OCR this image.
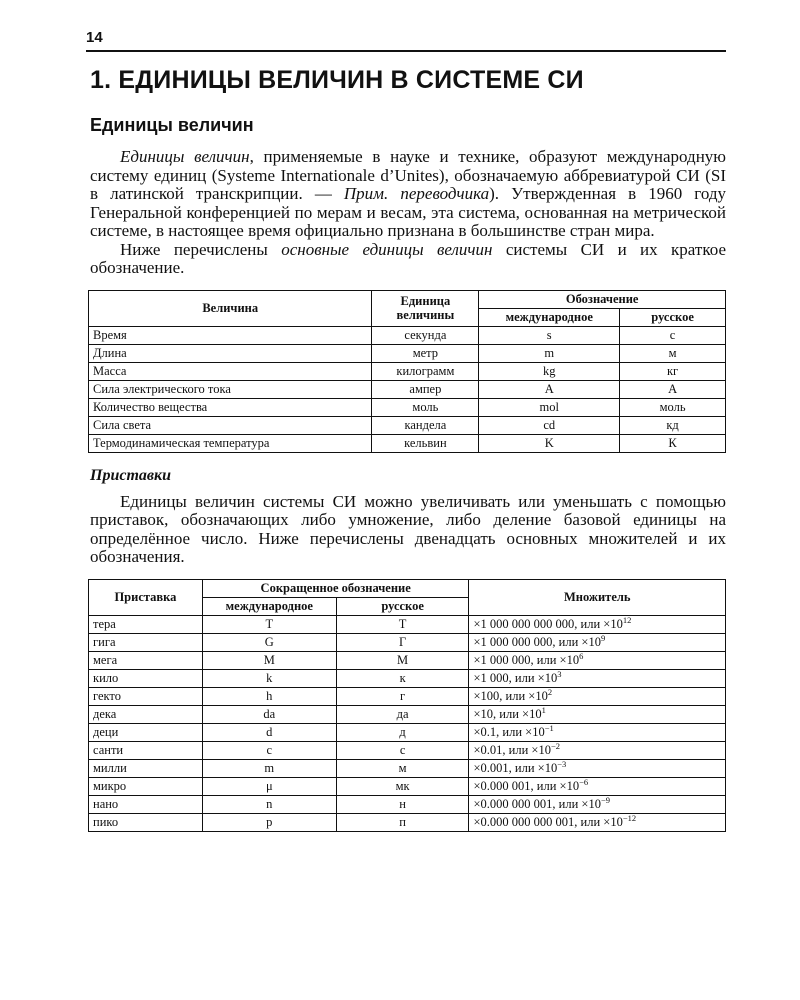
14
1. ЕДИНИЦЫ ВЕЛИЧИН В СИСТЕМЕ СИ
Единицы величин

Единицы величин, применяемые в науке и технике, образуют международную систему единиц (Systeme Internationale d’Unites), обозначаемую аббревиатурой СИ (SI в латинской транскрипции. — Прим. переводчика). Утвержденная в 1960 году Генеральной конференцией по мерам и весам, эта система, основанная на метрической системе, в настоящее время официально признана в большинстве стран мира.

Ниже перечислены основные единицы величин системы СИ и их краткое обозначение.

Величина	Единица величины	Обозначение	
		международное	русское
Время	секунда	s	с
Длина	метр	m	м
Масса	килограмм	kg	кг
Сила электрического тока	ампер	A	А
Количество вещества	моль	mol	моль
Сила света	кандела	cd	кд
Термодинамическая температура	кельвин	K	К
Приставки

Единицы величин системы СИ можно увеличивать или уменьшать с помощью приставок, обозначающих либо умножение, либо деление базовой единицы на определённое число. Ниже перечислены двенадцать основных множителей и их обозначения.

Приставка	Сокращенное обозначение		Множитель
	международное	русское	
тера	T	Т	×1 000 000 000 000, или $\times 10^{12}$
гига	G	Г	×1 000 000 000, или $\times 10^9$
мега	M	М	×1 000 000, или $\times 10^6$
кило	k	к	×1 000, или $\times 10^3$
гекто	h	г	×100, или $\times 10^2$
дека	da	да	×10, или $\times 10^1$
деци	d	д	×0.1, или $\times 10^{-1}$
санти	c	с	×0.01, или $\times 10^{-2}$
милли	m	м	×0.001, или $\times 10^{-3}$
микро	μ	мк	×0.000 001, или $\times 10^{-6}$
нано	n	н	×0.000 000 001, или $\times 10^{-9}$
пико	p	п	×0.000 000 000 001, или $\times 10^{-12}$
